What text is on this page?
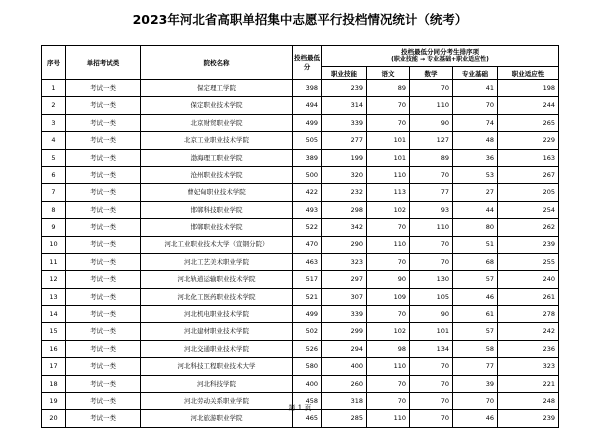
2023年河北省高职单招集中志愿平行投档情况统计（统考）
序号	单招考试类	院校名称	投档最低分	投档最低分同分考生排序项
(职业技能 → 专业基础+职业适应性)				

				职业技能	语文	数学	专业基础	职业适应性
1	考试一类	保定理工学院	398	239	89	70	41	198
2	考试一类	保定职业技术学院	494	314	70	110	70	244
3	考试一类	北京财贸职业学院	499	339	70	90	74	265
4	考试一类	北京工业职业技术学院	505	277	101	127	48	229
5	考试一类	渤海理工职业学院	389	199	101	89	36	163
6	考试一类	沧州职业技术学院	500	320	110	70	53	267
7	考试一类	曹妃甸职业技术学院	422	232	113	77	27	205
8	考试一类	邯郸科技职业学院	493	298	102	93	44	254
9	考试一类	邯郸职业技术学院	522	342	70	110	80	262
10	考试一类	河北工业职业技术大学（宣钢分院）	470	290	110	70	51	239
11	考试一类	河北工艺美术职业学院	463	323	70	70	68	255
12	考试一类	河北轨道运输职业技术学院	517	297	90	130	57	240
13	考试一类	河北化工医药职业技术学院	521	307	109	105	46	261
14	考试一类	河北机电职业技术学院	499	339	70	90	61	278
15	考试一类	河北建材职业技术学院	502	299	102	101	57	242
16	考试一类	河北交通职业技术学院	526	294	98	134	58	236
17	考试一类	河北科技工程职业技术大学	580	400	110	70	77	323
18	考试一类	河北科技学院	400	260	70	70	39	221
19	考试一类	河北劳动关系职业学院	458	318	70	70	70	248
20	考试一类	河北旅游职业学院	465	285	110	70	46	239
第 1 页
